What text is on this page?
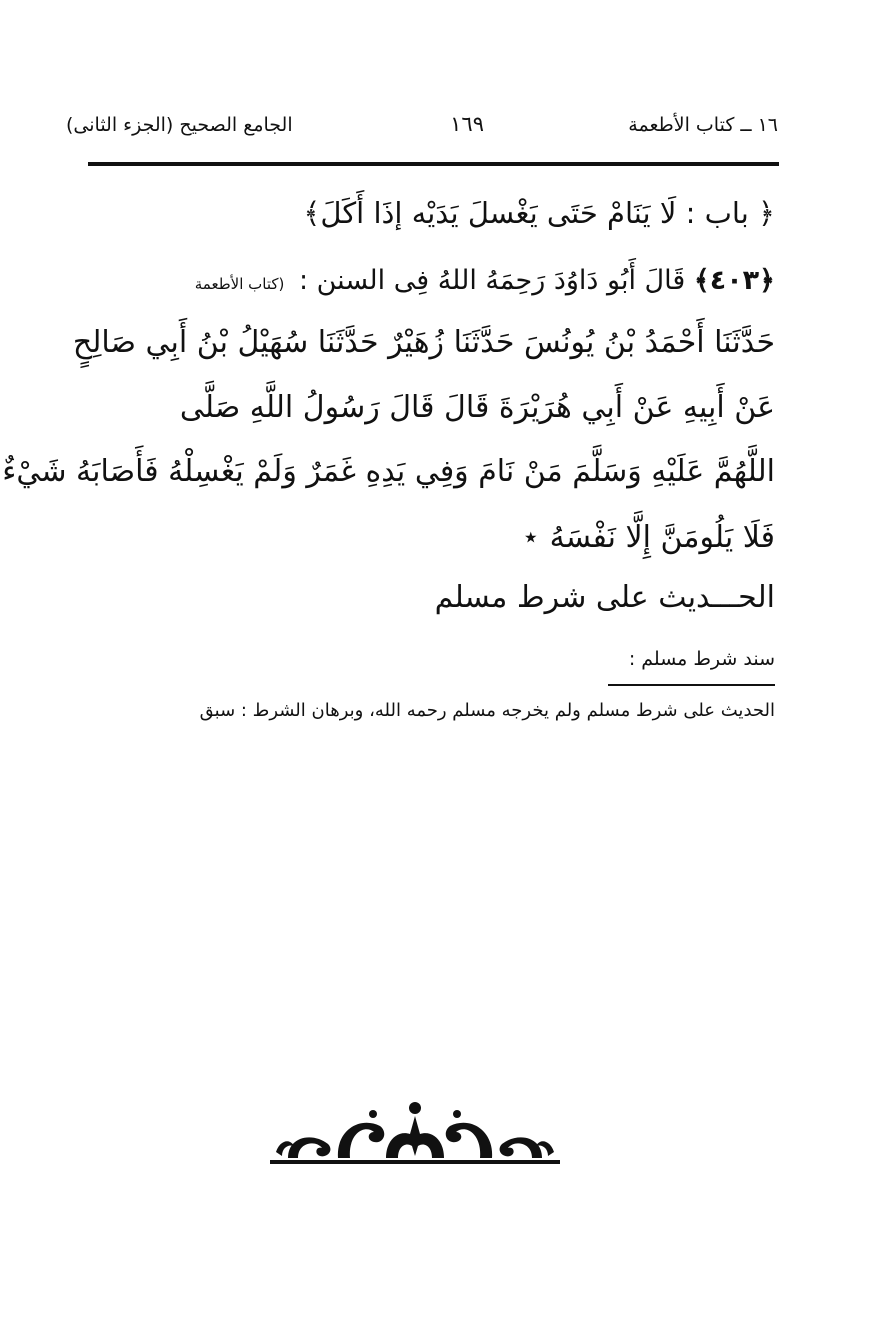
١٦ ــ كتاب الأطعمة
١٦٩
الجامع الصحيح (الجزء الثانى)
﴿ باب : لَا يَنَامْ حَتَى يَغْسلَ يَدَيْه إذَا أَكَلَ﴾
﴿٤٠٣﴾ قَالَ أَبُو دَاوُدَ رَحِمَهُ اللهُ فِى السنن : (كتاب الأطعمة
حَدَّثَنَا أَحْمَدُ بْنُ يُونُسَ حَدَّثَنَا زُهَيْرٌ حَدَّثَنَا سُهَيْلُ بْنُ أَبِي صَالِحٍ
عَنْ أَبِيهِ عَنْ أَبِي هُرَيْرَةَ قَالَ قَالَ رَسُولُ اللَّهِ صَلَّى
اللَّهُمَّ عَلَيْهِ وَسَلَّمَ مَنْ نَامَ وَفِي يَدِهِ غَمَرٌ وَلَمْ يَغْسِلْهُ فَأَصَابَهُ شَيْءٌ
فَلَا يَلُومَنَّ إِلَّا نَفْسَهُ ⋆
الحـــديث على شرط مسلم
سند شرط مسلم :
الحديث على شرط مسلم ولم يخرجه مسلم رحمه الله، وبرهان الشرط : سبق
